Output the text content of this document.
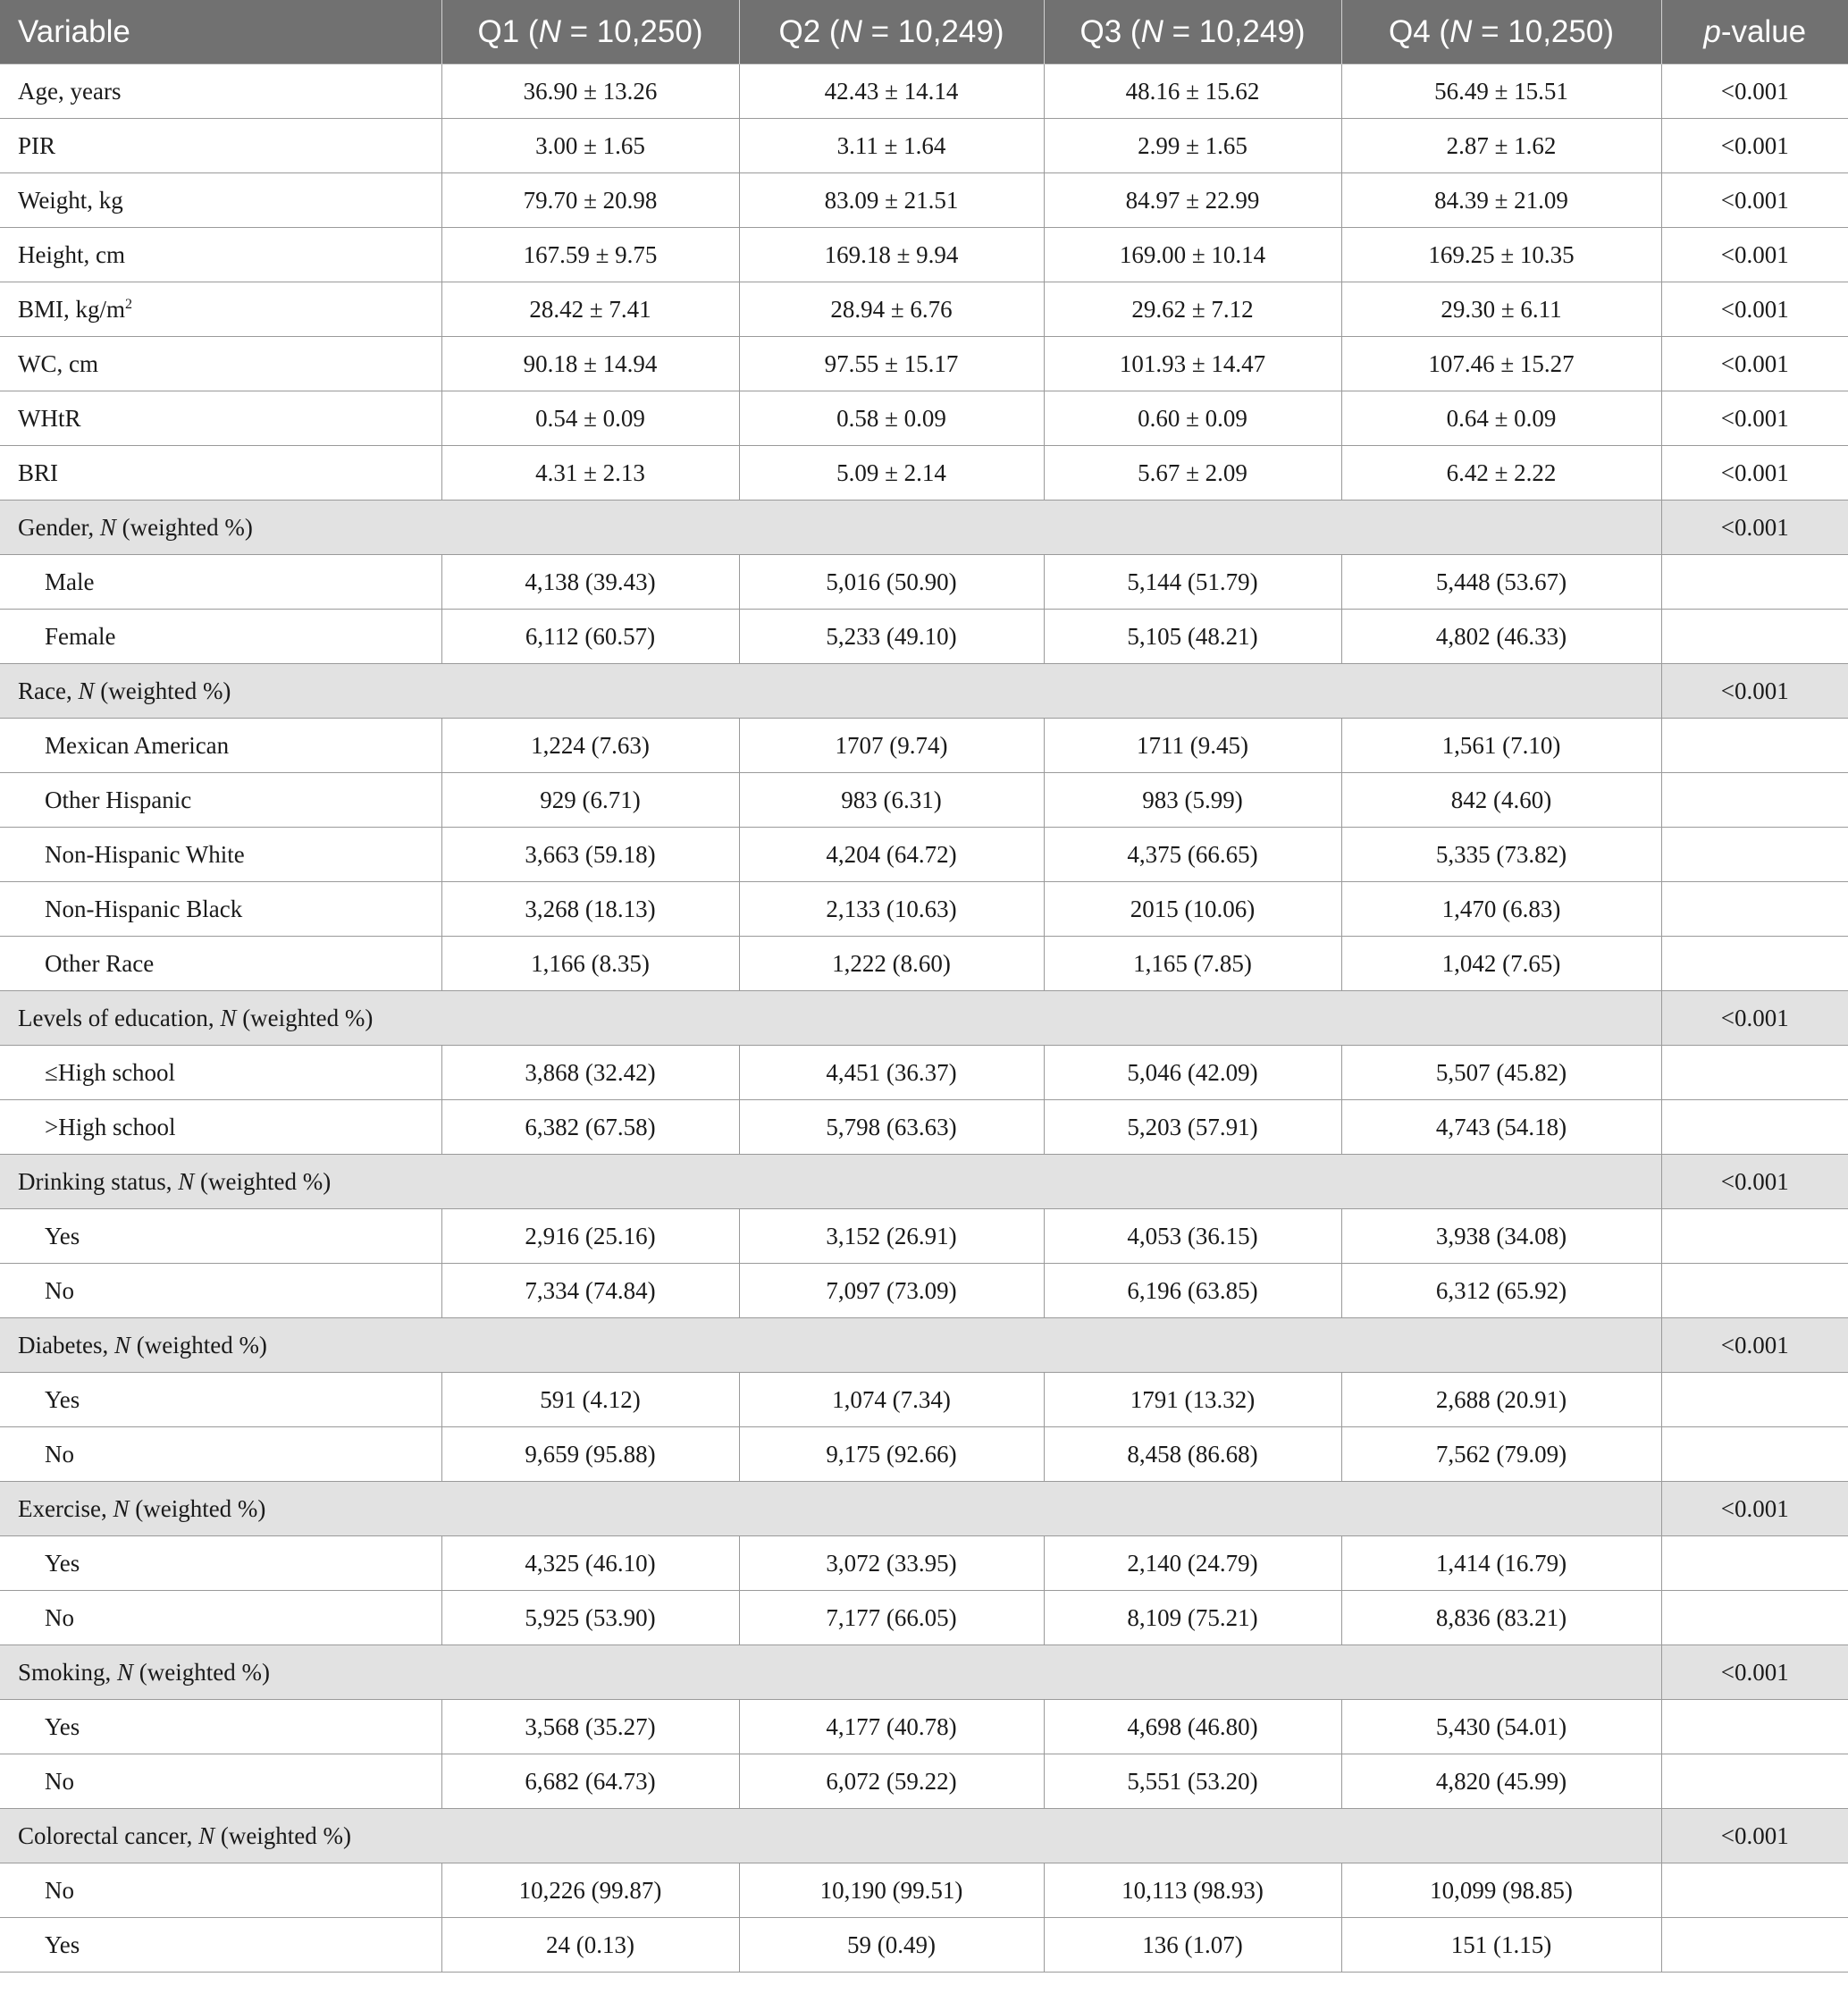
Variable	Q1 (N = 10,250)	Q2 (N = 10,249)	Q3 (N = 10,249)	Q4 (N = 10,250)	p-value
Age, years	36.90 ± 13.26	42.43 ± 14.14	48.16 ± 15.62	56.49 ± 15.51	<0.001
PIR	3.00 ± 1.65	3.11 ± 1.64	2.99 ± 1.65	2.87 ± 1.62	<0.001
Weight, kg	79.70 ± 20.98	83.09 ± 21.51	84.97 ± 22.99	84.39 ± 21.09	<0.001
Height, cm	167.59 ± 9.75	169.18 ± 9.94	169.00 ± 10.14	169.25 ± 10.35	<0.001
BMI, $kg/m^2$	28.42 ± 7.41	28.94 ± 6.76	29.62 ± 7.12	29.30 ± 6.11	<0.001
WC, cm	90.18 ± 14.94	97.55 ± 15.17	101.93 ± 14.47	107.46 ± 15.27	<0.001
WHtR	0.54 ± 0.09	0.58 ± 0.09	0.60 ± 0.09	0.64 ± 0.09	<0.001
BRI	4.31 ± 2.13	5.09 ± 2.14	5.67 ± 2.09	6.42 ± 2.22	<0.001
Gender, N (weighted %)					<0.001
Male	4,138 (39.43)	5,016 (50.90)	5,144 (51.79)	5,448 (53.67)	
Female	6,112 (60.57)	5,233 (49.10)	5,105 (48.21)	4,802 (46.33)	
Race, N (weighted %)					<0.001
Mexican American	1,224 (7.63)	1707 (9.74)	1711 (9.45)	1,561 (7.10)	
Other Hispanic	929 (6.71)	983 (6.31)	983 (5.99)	842 (4.60)	
Non-Hispanic White	3,663 (59.18)	4,204 (64.72)	4,375 (66.65)	5,335 (73.82)	
Non-Hispanic Black	3,268 (18.13)	2,133 (10.63)	2015 (10.06)	1,470 (6.83)	
Other Race	1,166 (8.35)	1,222 (8.60)	1,165 (7.85)	1,042 (7.65)	
Levels of education, N (weighted %)					<0.001
≤High school	3,868 (32.42)	4,451 (36.37)	5,046 (42.09)	5,507 (45.82)	
>High school	6,382 (67.58)	5,798 (63.63)	5,203 (57.91)	4,743 (54.18)	
Drinking status, N (weighted %)					<0.001
Yes	2,916 (25.16)	3,152 (26.91)	4,053 (36.15)	3,938 (34.08)	
No	7,334 (74.84)	7,097 (73.09)	6,196 (63.85)	6,312 (65.92)	
Diabetes, N (weighted %)					<0.001
Yes	591 (4.12)	1,074 (7.34)	1791 (13.32)	2,688 (20.91)	
No	9,659 (95.88)	9,175 (92.66)	8,458 (86.68)	7,562 (79.09)	
Exercise, N (weighted %)					<0.001
Yes	4,325 (46.10)	3,072 (33.95)	2,140 (24.79)	1,414 (16.79)	
No	5,925 (53.90)	7,177 (66.05)	8,109 (75.21)	8,836 (83.21)	
Smoking, N (weighted %)					<0.001
Yes	3,568 (35.27)	4,177 (40.78)	4,698 (46.80)	5,430 (54.01)	
No	6,682 (64.73)	6,072 (59.22)	5,551 (53.20)	4,820 (45.99)	
Colorectal cancer, N (weighted %)					<0.001
No	10,226 (99.87)	10,190 (99.51)	10,113 (98.93)	10,099 (98.85)	
Yes	24 (0.13)	59 (0.49)	136 (1.07)	151 (1.15)	
